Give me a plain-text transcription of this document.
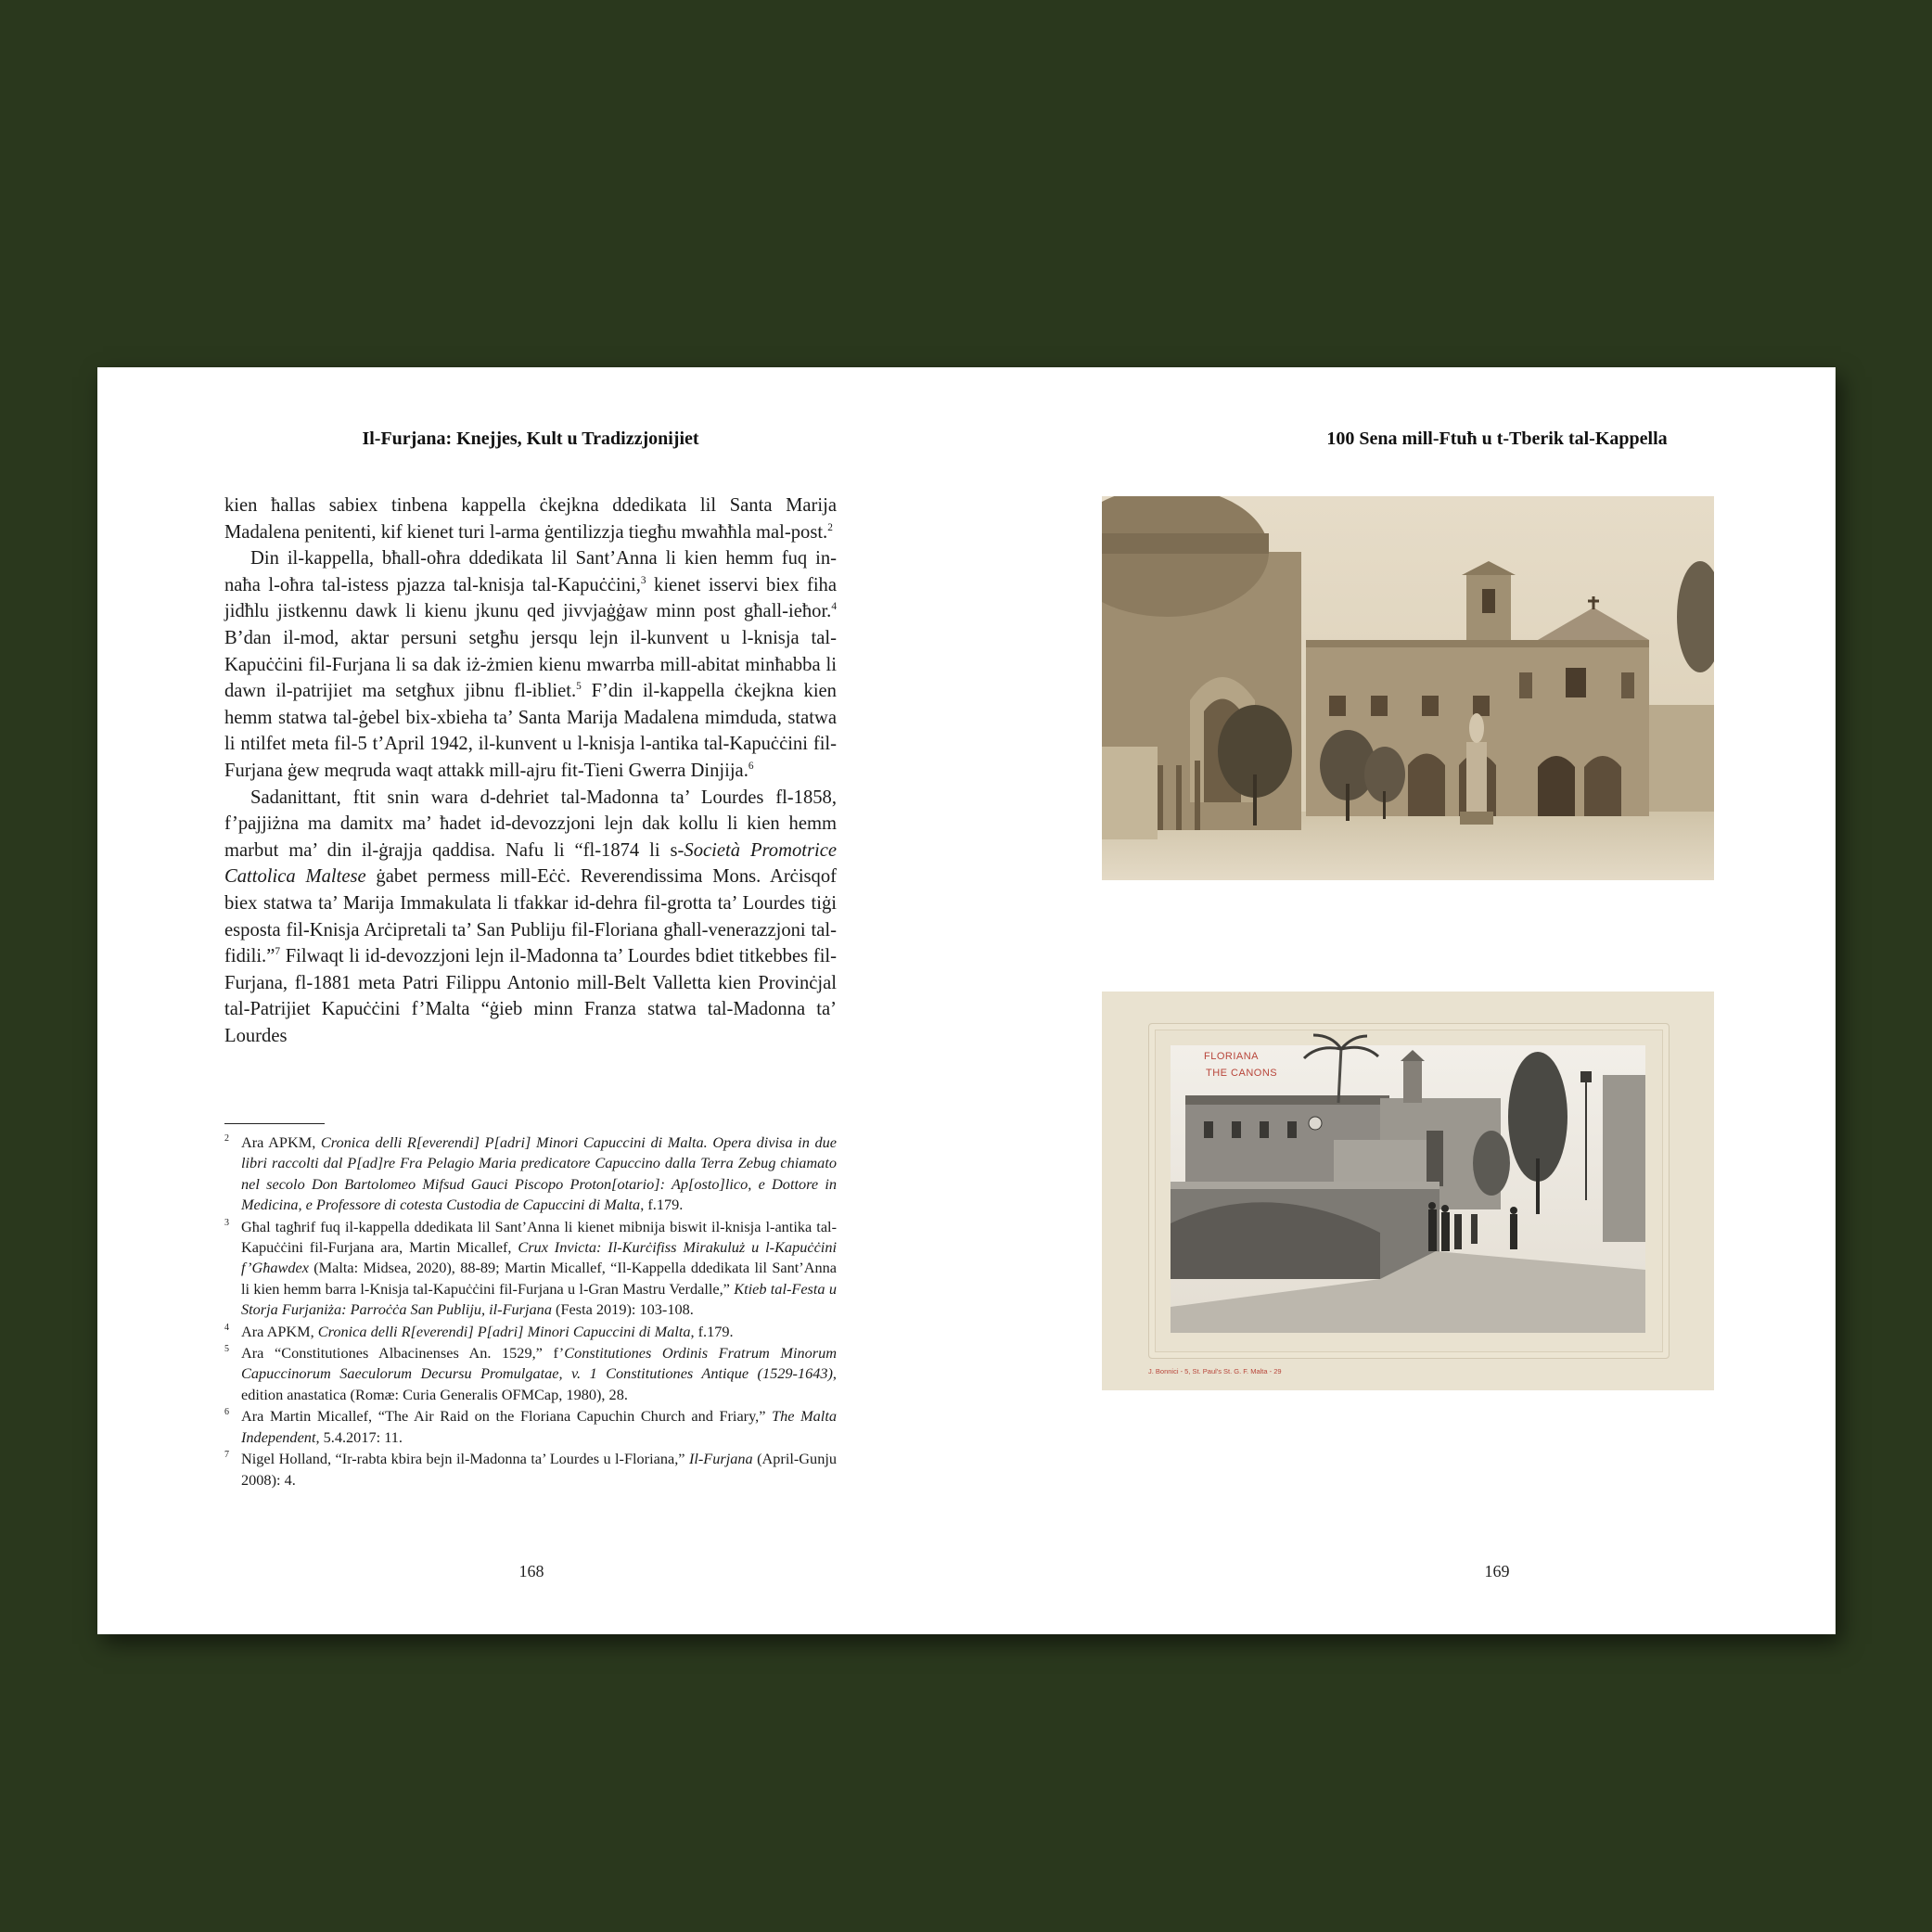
Il-Furjana: Knejjes, Kult u Tradizzjonijiet

kien ħallas sabiex tinbena kappella ċkejkna ddedikata lil Santa Marija Madalena penitenti, kif kienet turi l-arma ġentilizzja tiegħu mwaħħla mal-post.$^2$

Din il-kappella, bħall-oħra ddedikata lil Sant’Anna li kien hemm fuq in-naħa l-oħra tal-istess pjazza tal-knisja tal-Kapuċċini,$^3$ kienet isservi biex fiha jidħlu jistkennu dawk li kienu jkunu qed jivvjaġġaw minn post għall-ieħor.$^4$ B’dan il-mod, aktar persuni setgħu jersqu lejn il-kunvent u l-knisja tal-Kapuċċini fil-Furjana li sa dak iż-żmien kienu mwarrba mill-abitat minħabba li dawn il-patrijiet ma setgħux jibnu fl-ibliet.$^5$ F’din il-kappella ċkejkna kien hemm statwa tal-ġebel bix-xbieha ta’ Santa Marija Madalena mimduda, statwa li ntilfet meta fil-5 t’April 1942, il-kunvent u l-knisja l-antika tal-Kapuċċini fil-Furjana ġew meqruda waqt attakk mill-ajru fit-Tieni Gwerra Dinjija.$^6$

Sadanittant, ftit snin wara d-dehriet tal-Madonna ta’ Lourdes fl-1858, f’pajjiżna ma damitx ma’ ħadet id-devozzjoni lejn dak kollu li kien hemm marbut ma’ din il-ġrajja qaddisa. Nafu li “fl-1874 li s-Società Promotrice Cattolica Maltese ġabet permess mill-Eċċ. Reverendissima Mons. Arċisqof biex statwa ta’ Marija Immakulata li tfakkar id-dehra fil-grotta ta’ Lourdes tiġi esposta fil-Knisja Arċipretali ta’ San Publiju fil-Floriana għall-venerazzjoni tal-fidili.”$^7$ Filwaqt li id-devozzjoni lejn il-Madonna ta’ Lourdes bdiet titkebbes fil-Furjana, fl-1881 meta Patri Filippu Antonio mill-Belt Valletta kien Provinċjal tal-Patrijiet Kapuċċini f’Malta “ġieb minn Franza statwa tal-Madonna ta’ Lourdes

2 Ara APKM, Cronica delli R[everendi] P[adri] Minori Capuccini di Malta. Opera divisa in due libri raccolti dal P[ad]re Fra Pelagio Maria predicatore Capuccino dalla Terra Zebug chiamato nel secolo Don Bartolomeo Mifsud Gauci Piscopo Proton[otario]: Ap[osto]lico, e Dottore in Medicina, e Professore di cotesta Custodia de Capuccini di Malta, f.179.
3 Għal tagħrif fuq il-kappella ddedikata lil Sant’Anna li kienet mibnija biswit il-knisja l-antika tal-Kapuċċini fil-Furjana ara, Martin Micallef, Crux Invicta: Il-Kurċifiss Mirakuluż u l-Kapuċċini f’Għawdex (Malta: Midsea, 2020), 88-89; Martin Micallef, “Il-Kappella ddedikata lil Sant’Anna li kien hemm barra l-Knisja tal-Kapuċċini fil-Furjana u l-Gran Mastru Verdalle,” Ktieb tal-Festa u Storja Furjaniża: Parroċċa San Publiju, il-Furjana (Festa 2019): 103-108.
4 Ara APKM, Cronica delli R[everendi] P[adri] Minori Capuccini di Malta, f.179.
5 Ara “Constitutiones Albacinenses An. 1529,” f’Constitutiones Ordinis Fratrum Minorum Capuccinorum Saeculorum Decursu Promulgatae, v. 1 Constitutiones Antique (1529-1643), edition anastatica (Romæ: Curia Generalis OFMCap, 1980), 28.
6 Ara Martin Micallef, “The Air Raid on the Floriana Capuchin Church and Friary,” The Malta Independent, 5.4.2017: 11.
7 Nigel Holland, “Ir-rabta kbira bejn il-Madonna ta’ Lourdes u l-Floriana,” Il-Furjana (April-Gunju 2008): 4.
168
100 Sena mill-Ftuħ u t-Tberik tal-Kappella
FLORIANA
THE CANONS
J. Bonnici - 5, St. Paul's St. G. F. Malta - 29
169
